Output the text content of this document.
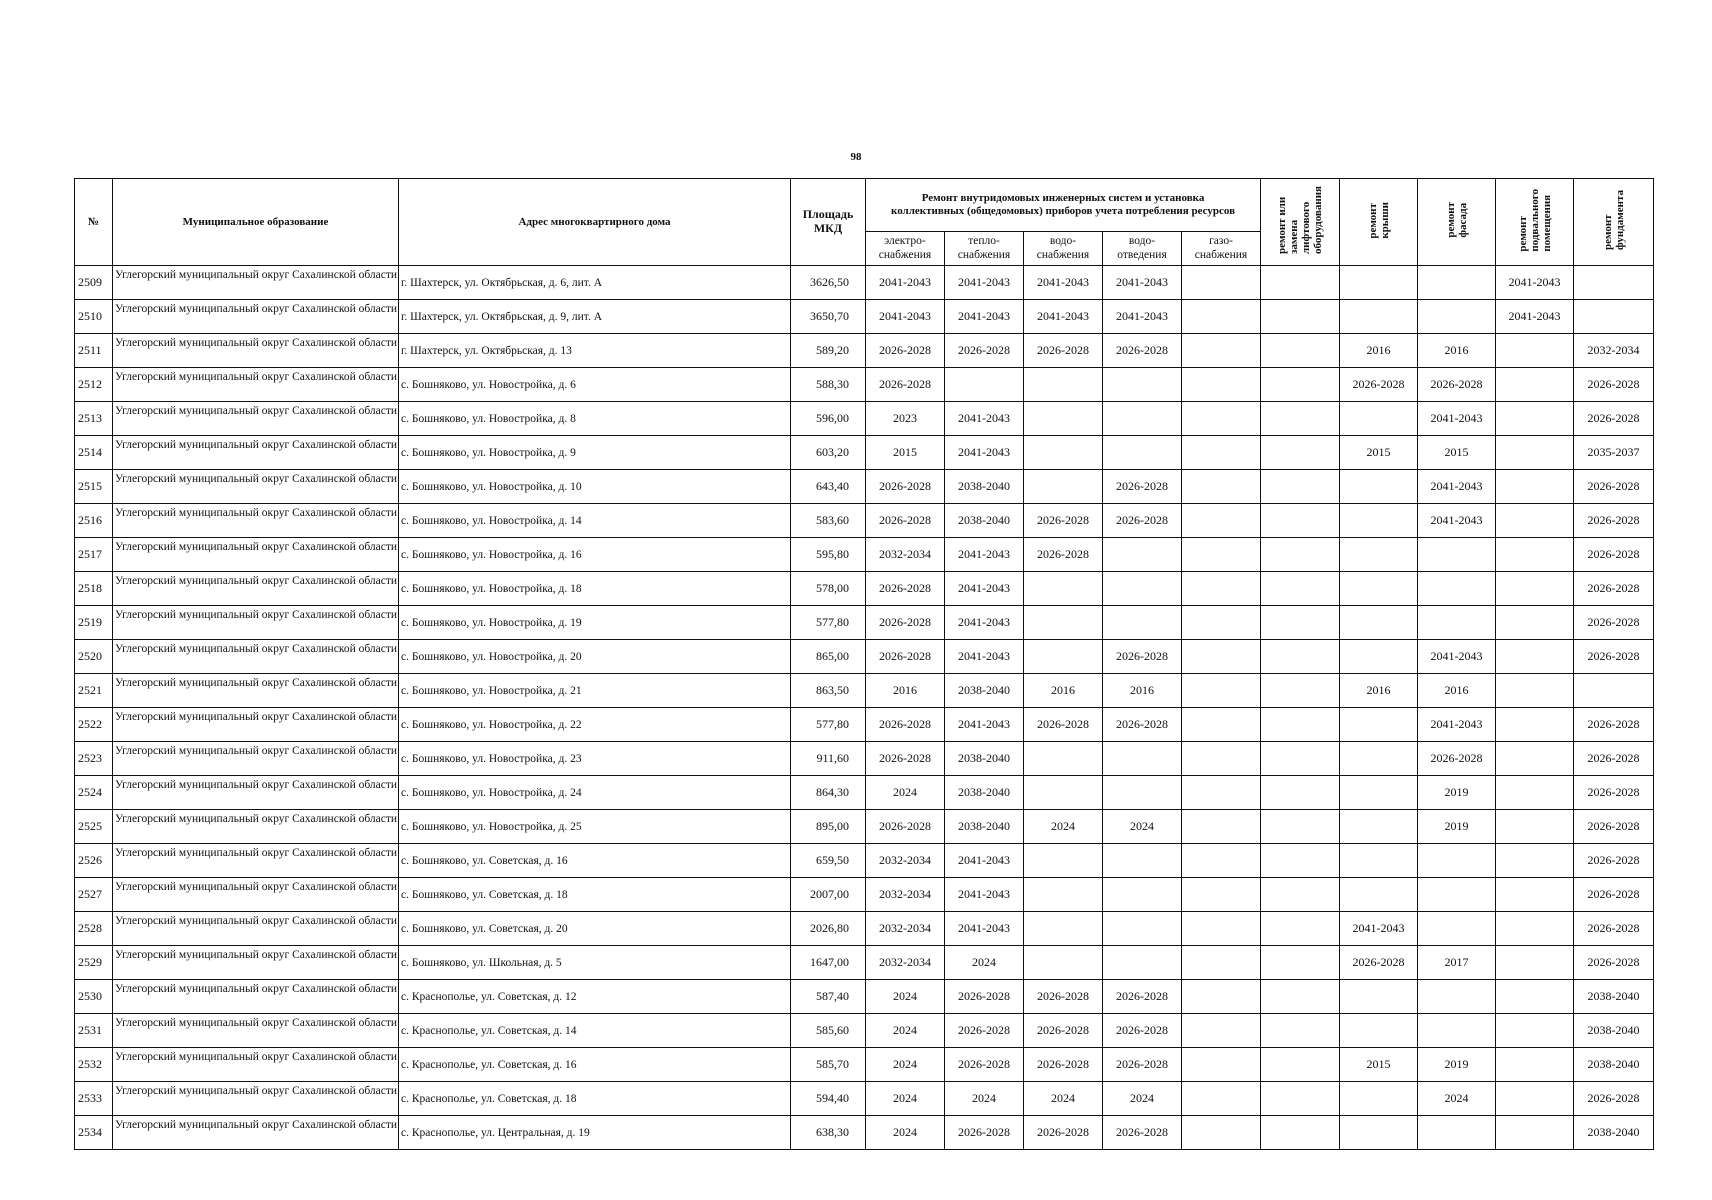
98
№	Муниципальное образование	Адрес многоквартирного дома	Площадь
МКД	Ремонт внутридомовых инженерных систем и установка коллективных (общедомовых) приборов учета потребления ресурсов					ремонт или
замена
лифтового
оборудования	ремонт
крыши	ремонт
фасада	ремонт
подвального
помещения	ремонт
фундамента
				электро-
снабжения	тепло-
снабжения	водо-
снабжения	водо-
отведения	газо-
снабжения					
2509	Углегорский муниципальный округ Сахалинской области	г. Шахтерск, ул. Октябрьская, д. 6, лит. А	3626,50	2041-2043	2041-2043	2041-2043	2041-2043					2041-2043	
2510	Углегорский муниципальный округ Сахалинской области	г. Шахтерск, ул. Октябрьская, д. 9, лит. А	3650,70	2041-2043	2041-2043	2041-2043	2041-2043					2041-2043	
2511	Углегорский муниципальный округ Сахалинской области	г. Шахтерск, ул. Октябрьская, д. 13	589,20	2026-2028	2026-2028	2026-2028	2026-2028			2016	2016		2032-2034
2512	Углегорский муниципальный округ Сахалинской области	с. Бошняково, ул. Новостройка, д. 6	588,30	2026-2028						2026-2028	2026-2028		2026-2028
2513	Углегорский муниципальный округ Сахалинской области	с. Бошняково, ул. Новостройка, д. 8	596,00	2023	2041-2043						2041-2043		2026-2028
2514	Углегорский муниципальный округ Сахалинской области	с. Бошняково, ул. Новостройка, д. 9	603,20	2015	2041-2043					2015	2015		2035-2037
2515	Углегорский муниципальный округ Сахалинской области	с. Бошняково, ул. Новостройка, д. 10	643,40	2026-2028	2038-2040		2026-2028				2041-2043		2026-2028
2516	Углегорский муниципальный округ Сахалинской области	с. Бошняково, ул. Новостройка, д. 14	583,60	2026-2028	2038-2040	2026-2028	2026-2028				2041-2043		2026-2028
2517	Углегорский муниципальный округ Сахалинской области	с. Бошняково, ул. Новостройка, д. 16	595,80	2032-2034	2041-2043	2026-2028							2026-2028
2518	Углегорский муниципальный округ Сахалинской области	с. Бошняково, ул. Новостройка, д. 18	578,00	2026-2028	2041-2043								2026-2028
2519	Углегорский муниципальный округ Сахалинской области	с. Бошняково, ул. Новостройка, д. 19	577,80	2026-2028	2041-2043								2026-2028
2520	Углегорский муниципальный округ Сахалинской области	с. Бошняково, ул. Новостройка, д. 20	865,00	2026-2028	2041-2043		2026-2028				2041-2043		2026-2028
2521	Углегорский муниципальный округ Сахалинской области	с. Бошняково, ул. Новостройка, д. 21	863,50	2016	2038-2040	2016	2016			2016	2016		
2522	Углегорский муниципальный округ Сахалинской области	с. Бошняково, ул. Новостройка, д. 22	577,80	2026-2028	2041-2043	2026-2028	2026-2028				2041-2043		2026-2028
2523	Углегорский муниципальный округ Сахалинской области	с. Бошняково, ул. Новостройка, д. 23	911,60	2026-2028	2038-2040						2026-2028		2026-2028
2524	Углегорский муниципальный округ Сахалинской области	с. Бошняково, ул. Новостройка, д. 24	864,30	2024	2038-2040						2019		2026-2028
2525	Углегорский муниципальный округ Сахалинской области	с. Бошняково, ул. Новостройка, д. 25	895,00	2026-2028	2038-2040	2024	2024				2019		2026-2028
2526	Углегорский муниципальный округ Сахалинской области	с. Бошняково, ул. Советская, д. 16	659,50	2032-2034	2041-2043								2026-2028
2527	Углегорский муниципальный округ Сахалинской области	с. Бошняково, ул. Советская, д. 18	2007,00	2032-2034	2041-2043								2026-2028
2528	Углегорский муниципальный округ Сахалинской области	с. Бошняково, ул. Советская, д. 20	2026,80	2032-2034	2041-2043					2041-2043			2026-2028
2529	Углегорский муниципальный округ Сахалинской области	с. Бошняково, ул. Школьная, д. 5	1647,00	2032-2034	2024					2026-2028	2017		2026-2028
2530	Углегорский муниципальный округ Сахалинской области	с. Краснополье, ул. Советская, д. 12	587,40	2024	2026-2028	2026-2028	2026-2028						2038-2040
2531	Углегорский муниципальный округ Сахалинской области	с. Краснополье, ул. Советская, д. 14	585,60	2024	2026-2028	2026-2028	2026-2028						2038-2040
2532	Углегорский муниципальный округ Сахалинской области	с. Краснополье, ул. Советская, д. 16	585,70	2024	2026-2028	2026-2028	2026-2028			2015	2019		2038-2040
2533	Углегорский муниципальный округ Сахалинской области	с. Краснополье, ул. Советская, д. 18	594,40	2024	2024	2024	2024				2024		2026-2028
2534	Углегорский муниципальный округ Сахалинской области	с. Краснополье, ул. Центральная, д. 19	638,30	2024	2026-2028	2026-2028	2026-2028						2038-2040
